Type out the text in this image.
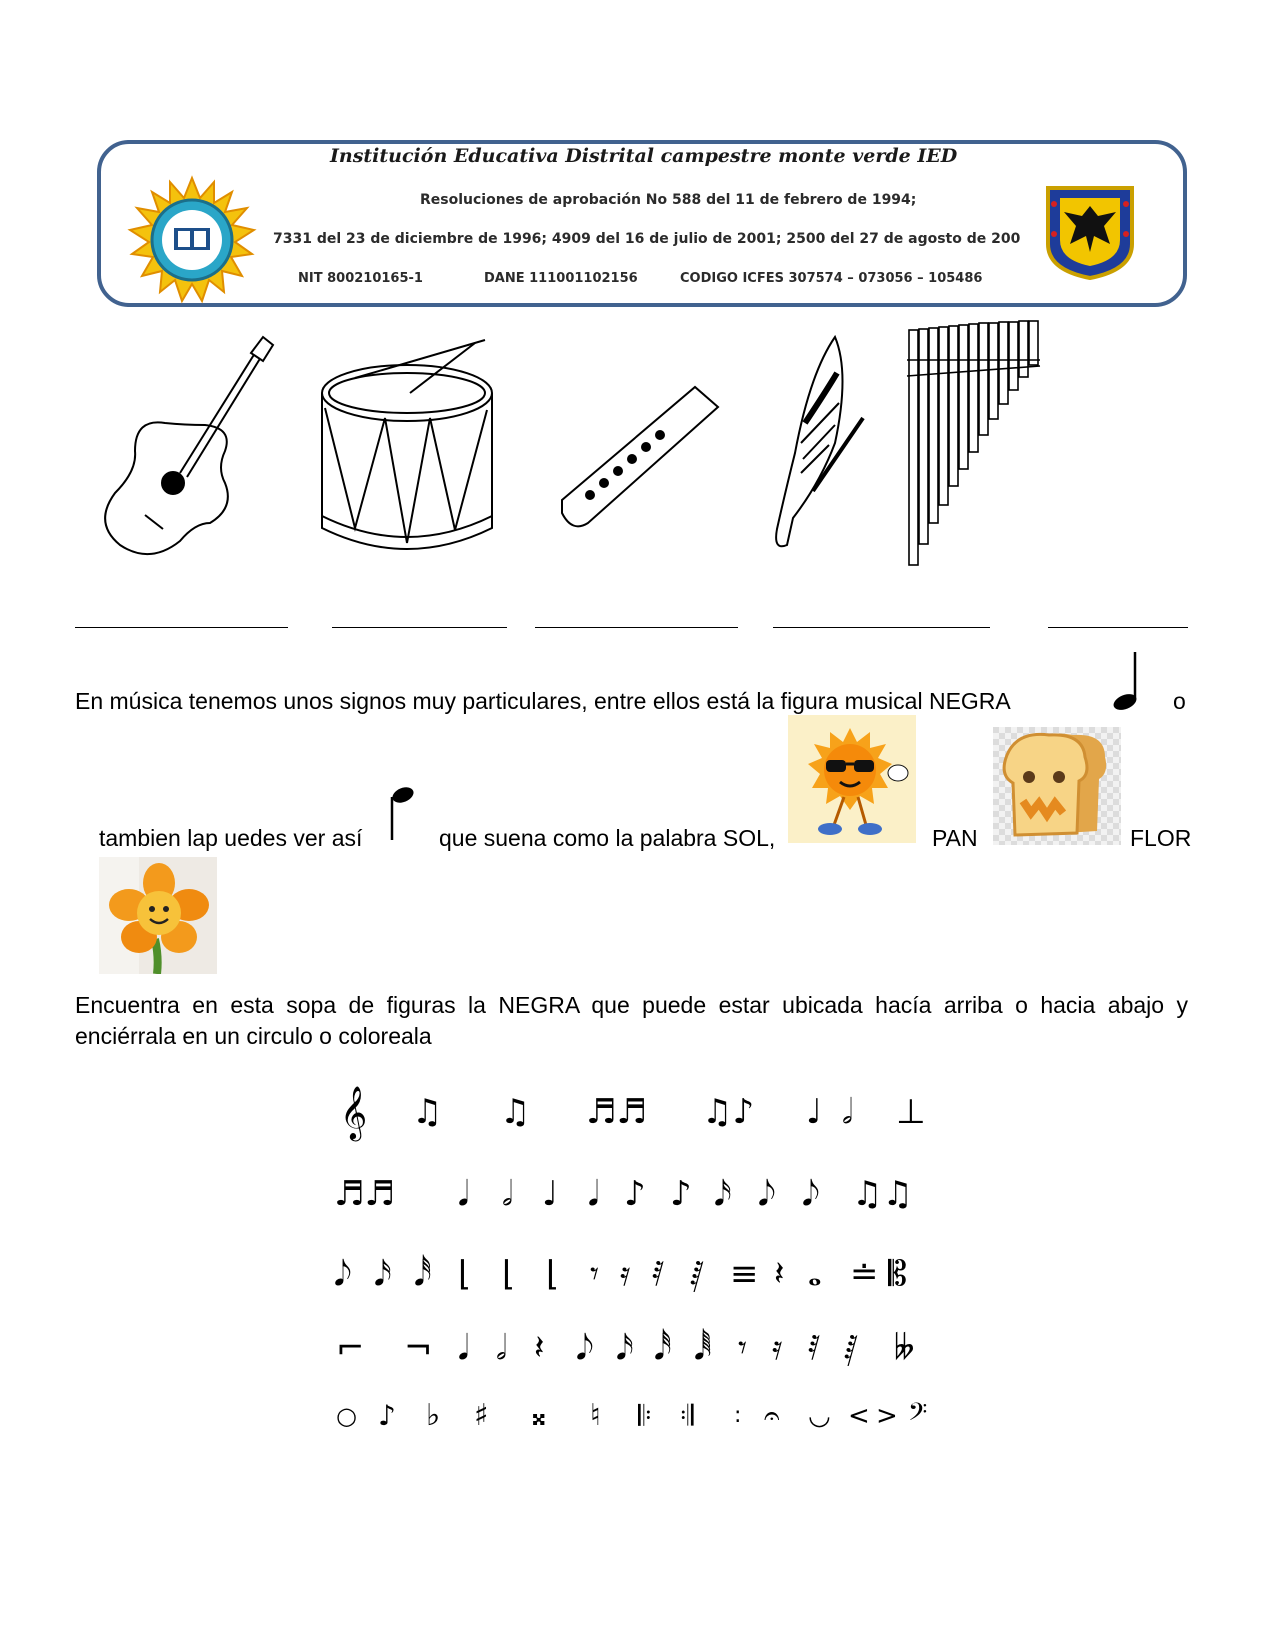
Institución Educativa Distrital campestre monte verde IED
Resoluciones de aprobación No 588 del 11 de febrero de 1994;
7331 del 23 de diciembre de 1996; 4909 del 16 de julio de 2001; 2500 del 27 de agosto de 200
NIT 800210165-1	DANE 111001102156	CODIGO ICFES 307574 – 073056 – 105486
En música tenemos unos signos muy particulares, entre ellos está la figura musical NEGRA	o
tambien lap uedes ver así	que suena como la palabra SOL,	PAN	FLOR
Encuentra en esta sopa de figuras la NEGRA que puede estar ubicada hacía arriba o hacia abajo y enciérrala en un circulo o coloreala
𝄞 ♫ ♫ ♬♬ ♫♪ ♩ 𝅗𝅥 ⊥
♬♬ 𝅘𝅥 𝅗𝅥 ♩ 𝅘𝅥 ♪ ♪ 𝅘𝅥𝅯 𝅘𝅥𝅮 𝅘𝅥𝅮 ♫♫
𝅘𝅥𝅮 𝅘𝅥𝅯 𝅘𝅥𝅰 ⌊ ⌊ ⌊ 𝄾 𝄿 𝅀 𝅁 ≡ 𝄽 𝅝 ≐ 𝄡
⌐ ¬ 𝅘𝅥 𝅗𝅥 𝄽 𝅘𝅥𝅮 𝅘𝅥𝅯 𝅘𝅥𝅰 𝅘𝅥𝅱 𝄾 𝄿 𝅀 𝅁 𝄫
○ ♪ ♭ ♯ 𝄪 ♮ 𝄆 𝄇 : 𝄐 ◡ < > 𝄢
